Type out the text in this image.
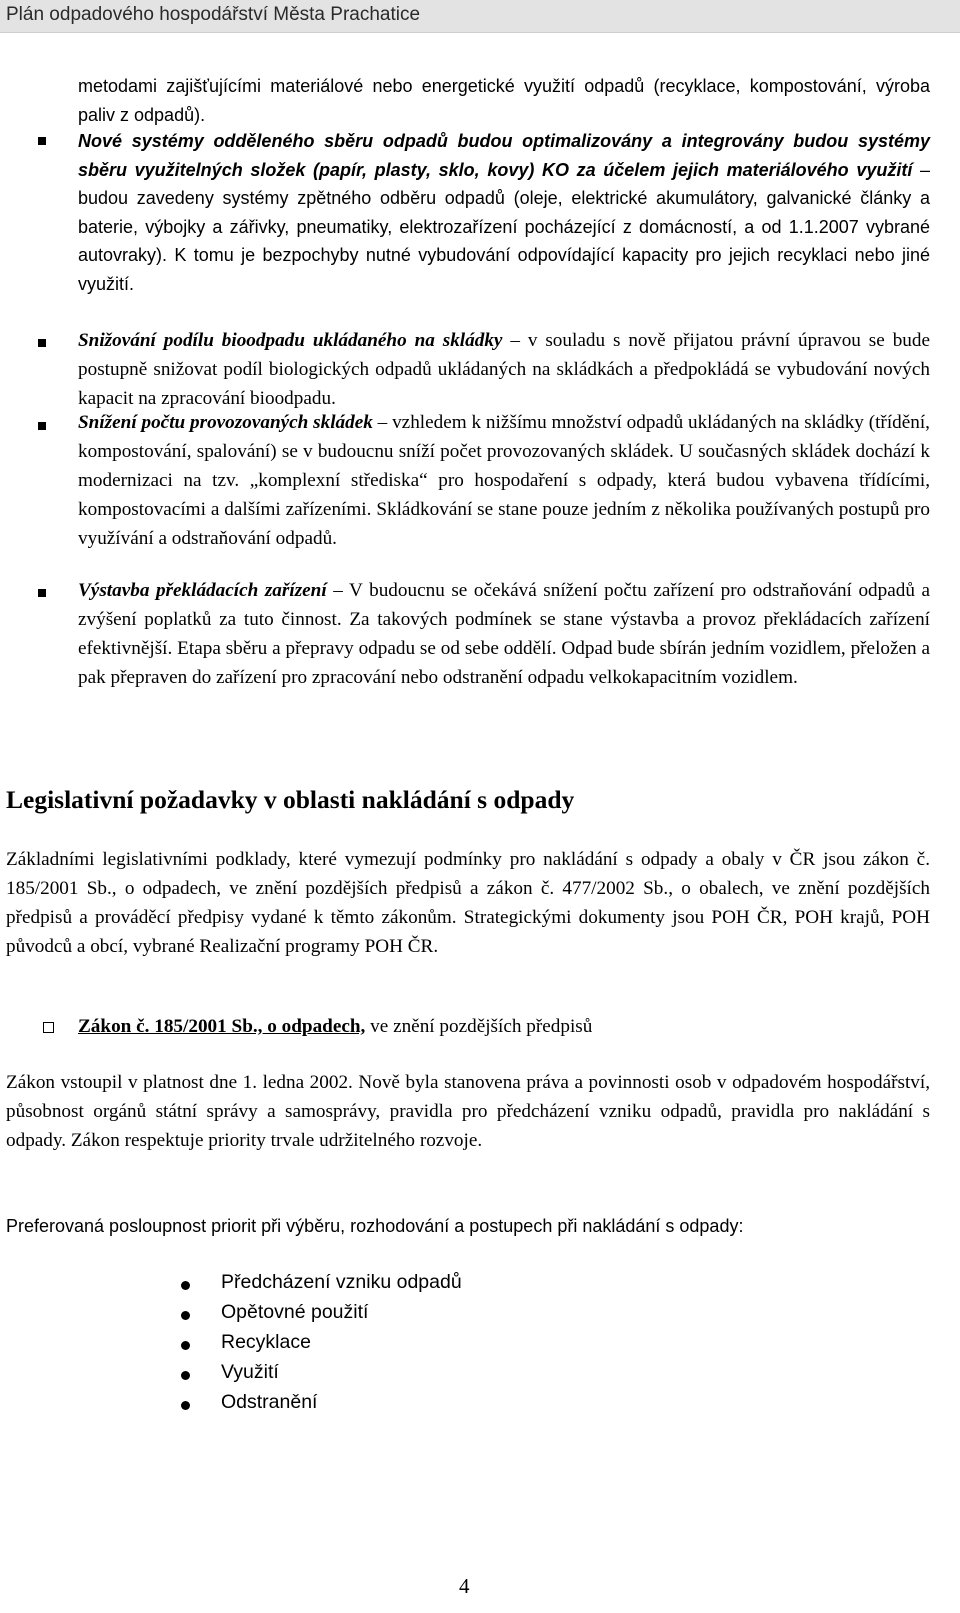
Plán odpadového hospodářství Města Prachatice
metodami zajišťujícími materiálové nebo energetické využití odpadů (recyklace, kompostování, výroba paliv z odpadů).
Nové systémy odděleného sběru odpadů budou optimalizovány a integrovány budou systémy sběru využitelných složek (papír, plasty, sklo, kovy) KO za účelem jejich materiálového využití – budou zavedeny systémy zpětného odběru odpadů (oleje, elektrické akumulátory, galvanické články a baterie, výbojky a zářivky, pneumatiky, elektrozařízení pocházející z domácností, a od 1.1.2007 vybrané autovraky). K tomu je bezpochyby nutné vybudování odpovídající kapacity pro jejich recyklaci nebo jiné využití.
Snižování podílu bioodpadu ukládaného na skládky – v souladu s nově přijatou právní úpravou se bude postupně snižovat podíl biologických odpadů ukládaných na skládkách a předpokládá se vybudování nových kapacit na zpracování bioodpadu.
Snížení počtu provozovaných skládek – vzhledem k nižšímu množství odpadů ukládaných na skládky (třídění, kompostování, spalování) se v budoucnu sníží počet provozovaných skládek. U současných skládek dochází k modernizaci na tzv. „komplexní střediska“ pro hospodaření s odpady, která budou vybavena třídícími, kompostovacími a dalšími zařízeními. Skládkování se stane pouze jedním z několika používaných postupů pro využívání a odstraňování odpadů.
Výstavba překládacích zařízení – V budoucnu se očekává snížení počtu zařízení pro odstraňování odpadů a zvýšení poplatků za tuto činnost. Za takových podmínek se stane výstavba a provoz překládacích zařízení efektivnější. Etapa sběru a přepravy odpadu se od sebe oddělí. Odpad bude sbírán jedním vozidlem, přeložen a pak přepraven do zařízení pro zpracování nebo odstranění odpadu velkokapacitním vozidlem.
Legislativní požadavky v oblasti nakládání s odpady
Základními legislativními podklady, které vymezují podmínky pro nakládání s odpady a obaly v ČR jsou zákon č. 185/2001 Sb., o odpadech, ve znění pozdějších předpisů a zákon č. 477/2002 Sb., o obalech, ve znění pozdějších předpisů a prováděcí předpisy vydané k těmto zákonům. Strategickými dokumenty jsou POH ČR, POH krajů, POH původců a obcí, vybrané Realizační programy POH ČR.
Zákon č. 185/2001 Sb., o odpadech, ve znění pozdějších předpisů
Zákon vstoupil v platnost dne 1. ledna 2002. Nově byla stanovena práva a povinnosti osob v odpadovém hospodářství, působnost orgánů státní správy a samosprávy, pravidla pro předcházení vzniku odpadů, pravidla pro nakládání s odpady. Zákon respektuje priority trvale udržitelného rozvoje.
Preferovaná posloupnost priorit při výběru, rozhodování a postupech při nakládání s odpady:
Předcházení vzniku odpadů
Opětovné použití
Recyklace
Využití
Odstranění
4
